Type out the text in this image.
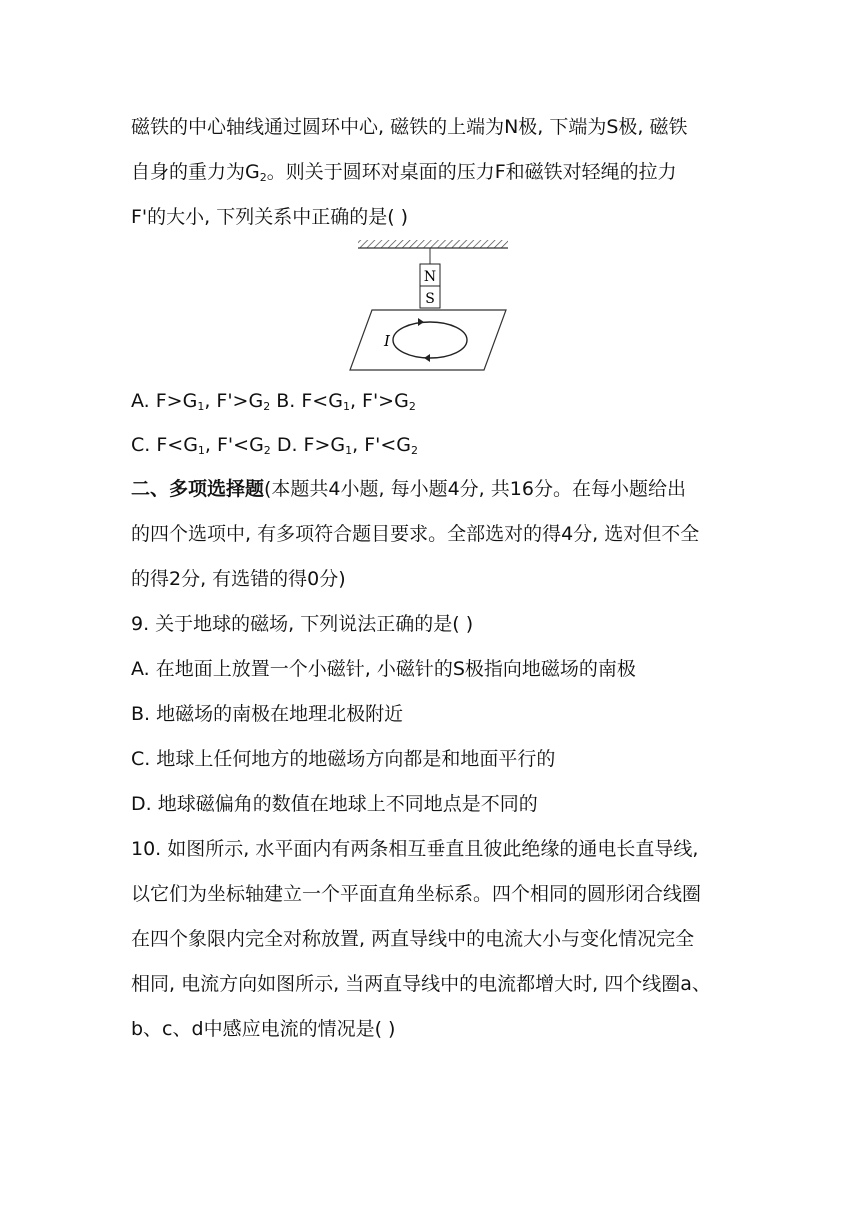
磁铁的中心轴线通过圆环中心, 磁铁的上端为N极, 下端为S极, 磁铁
自身的重力为$G_2$。则关于圆环对桌面的压力F和磁铁对轻绳的拉力
F'的大小, 下列关系中正确的是( )
N
S
I
A. $F>G_1$, $F'>G_2$ B. $F<G_1$, $F'>G_2$
C. $F<G_1$, $F'<G_2$ D. $F>G_1$, $F'<G_2$
二、多项选择题(本题共4小题, 每小题4分, 共16分。在每小题给出
的四个选项中, 有多项符合题目要求。全部选对的得4分, 选对但不全
的得2分, 有选错的得0分)
9. 关于地球的磁场, 下列说法正确的是( )
A. 在地面上放置一个小磁针, 小磁针的S极指向地磁场的南极
B. 地磁场的南极在地理北极附近
C. 地球上任何地方的地磁场方向都是和地面平行的
D. 地球磁偏角的数值在地球上不同地点是不同的
10. 如图所示, 水平面内有两条相互垂直且彼此绝缘的通电长直导线,
以它们为坐标轴建立一个平面直角坐标系。四个相同的圆形闭合线圈
在四个象限内完全对称放置, 两直导线中的电流大小与变化情况完全
相同, 电流方向如图所示, 当两直导线中的电流都增大时, 四个线圈a、
b、c、d中感应电流的情况是( )
